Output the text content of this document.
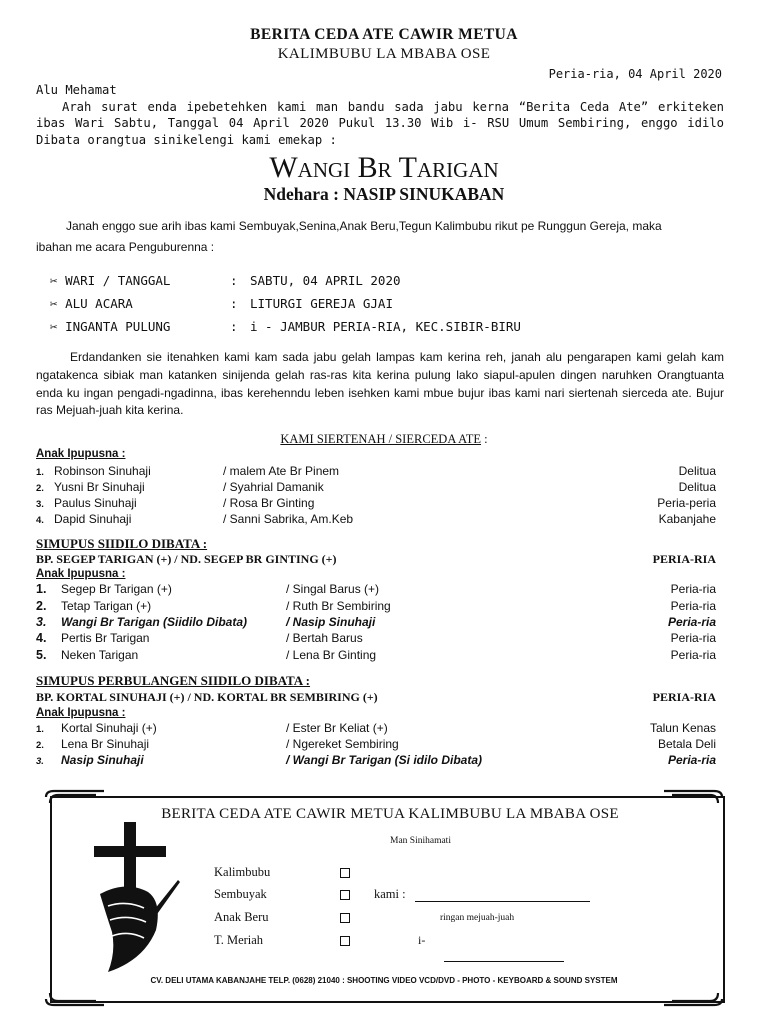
BERITA CEDA ATE CAWIR METUA
KALIMBUBU LA MBABA OSE
Peria-ria, 04 April 2020
Alu Mehamat
Arah surat enda ipebetehken kami man bandu sada jabu kerna “Berita Ceda Ate” erkiteken ibas Wari Sabtu, Tanggal 04 April 2020 Pukul 13.30 Wib i- RSU Umum Sembiring, enggo idilo Dibata orangtua sinikelengi kami emekap :
Wangi Br Tarigan
Ndehara : NASIP SINUKABAN
Janah enggo sue arih ibas kami Sembuyak,Senina,Anak Beru,Tegun Kalimbubu rikut pe Runggun Gereja, maka
ibahan me acara Penguburenna :
✂ WARI / TANGGAL	: SABTU, 04 APRIL 2020
✂ ALU ACARA	: LITURGI GEREJA GJAI
✂ INGANTA PULUNG	: i - JAMBUR PERIA-RIA, KEC.SIBIR-BIRU
Erdandanken sie itenahken kami kam sada jabu gelah lampas kam kerina reh, janah alu pengarapen kami gelah kam ngatakenca sibiak man katanken sinijenda gelah ras-ras kita kerina pulung lako siapul-apulen dingen naruhken Orangtuanta enda ku ingan pengadi-ngadinna, ibas kerehenndu leben isehken kami mbue bujur ibas kami nari siertenah sierceda ate. Bujur ras Mejuah-juah kita kerina.
KAMI SIERTENAH / SIERCEDA ATE :
Anak Ipupusna :
1. Robinson Sinuhaji	/ malem Ate Br Pinem	Delitua
2. Yusni Br Sinuhaji	/ Syahrial Damanik	Delitua
3. Paulus Sinuhaji	/ Rosa Br Ginting	Peria-peria
4. Dapid Sinuhaji	/ Sanni Sabrika, Am.Keb	Kabanjahe
SIMUPUS SIIDILO DIBATA :
BP. SEGEP TARIGAN (+) / ND. SEGEP BR GINTING (+)	PERIA-RIA
Anak Ipupusna :
1. Segep Br Tarigan (+)	/ Singal Barus (+)	Peria-ria
2. Tetap Tarigan (+)	/ Ruth Br Sembiring	Peria-ria
3. Wangi Br Tarigan (Siidilo Dibata)	/ Nasip Sinuhaji	Peria-ria
4. Pertis Br Tarigan	/ Bertah Barus	Peria-ria
5. Neken Tarigan	/ Lena Br Ginting	Peria-ria
SIMUPUS PERBULANGEN SIIDILO DIBATA :
BP. KORTAL SINUHAJI (+) / ND. KORTAL BR SEMBIRING (+)	PERIA-RIA
Anak Ipupusna :
1. Kortal Sinuhaji (+)	/ Ester Br Keliat (+)	Talun Kenas
2. Lena Br Sinuhaji	/ Ngereket Sembiring	Betala Deli
3. Nasip Sinuhaji	/ Wangi Br Tarigan (Si idilo Dibata)	Peria-ria
BERITA CEDA ATE CAWIR METUA KALIMBUBU LA MBABA OSE
Man Sinihamati
Kalimbubu
Sembuyak
Anak Beru
T. Meriah
kami :
ringan mejuah-juah
i-
CV. DELI UTAMA KABANJAHE TELP. (0628) 21040 : SHOOTING VIDEO VCD/DVD - PHOTO - KEYBOARD & SOUND SYSTEM
